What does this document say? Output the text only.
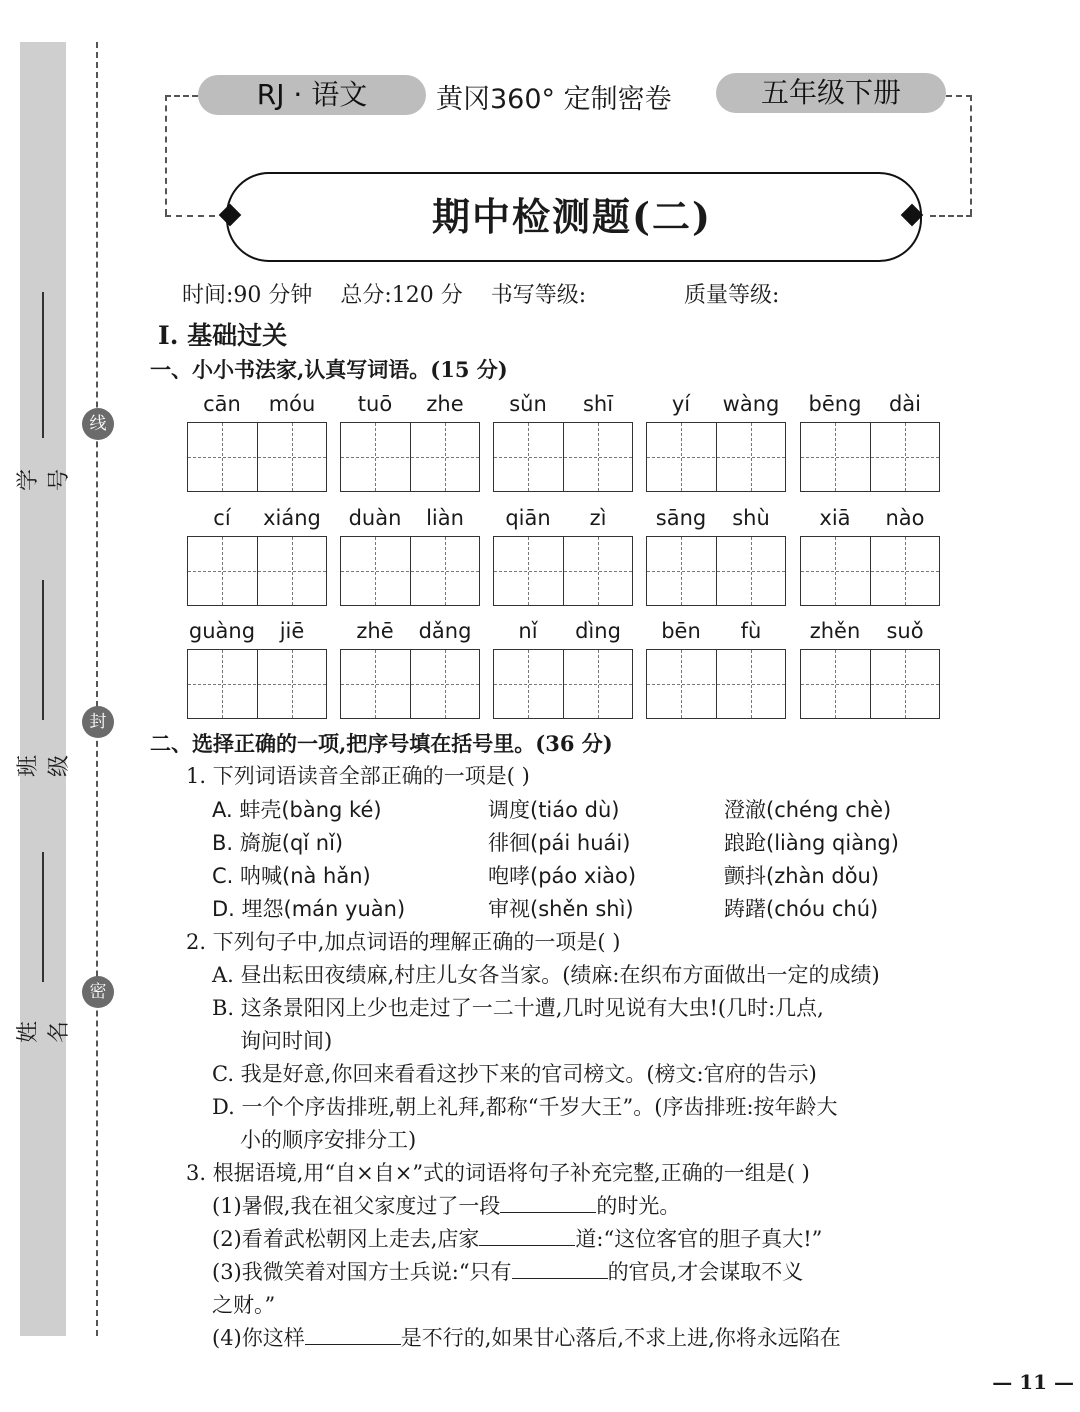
学号
班级
姓名
线
封
密
RJ · 语文	黄冈360° 定制密卷	五年级下册
期中检测题(二)
时间:90 分钟    总分:120 分    书写等级:              质量等级:
Ⅰ. 基础过关
一、小小书法家,认真写词语。(15 分)
cān	móu	tuō	zhe	sǔn	shī	yí	wàng	bēng	dài
cí	xiáng	duàn	liàn	qiān	zì	sāng	shù	xiā	nào
guàng	jiē	zhē	dǎng	nǐ	dìng	bēn	fù	zhěn	suǒ
二、选择正确的一项,把序号填在括号里。(36 分)
1. 下列词语读音全部正确的一项是( )
A. 蚌壳(bàng ké)	调度(tiáo dù)	澄澈(chéng chè)
B. 旖旎(qǐ nǐ)	徘徊(pái huái)	踉跄(liàng qiàng)
C. 呐喊(nà hǎn)	咆哮(páo xiào)	颤抖(zhàn dǒu)
D. 埋怨(mán yuàn)	审视(shěn shì)	踌躇(chóu chú)
2. 下列句子中,加点词语的理解正确的一项是( )
A. 昼出耘田夜绩麻,村庄儿女各当家。(绩麻:在织布方面做出一定的成绩)
B. 这条景阳冈上少也走过了一二十遭,几时见说有大虫!(几时:几点,
询问时间)
C. 我是好意,你回来看看这抄下来的官司榜文。(榜文:官府的告示)
D. 一个个序齿排班,朝上礼拜,都称“千岁大王”。(序齿排班:按年龄大
小的顺序安排分工)
3. 根据语境,用“自×自×”式的词语将句子补充完整,正确的一组是( )
(1)暑假,我在祖父家度过了一段	的时光。
(2)看着武松朝冈上走去,店家	道:“这位客官的胆子真大!”
(3)我微笑着对国方士兵说:“只有	的官员,才会谋取不义
之财。”
(4)你这样	是不行的,如果甘心落后,不求上进,你将永远陷在
— 11 —
